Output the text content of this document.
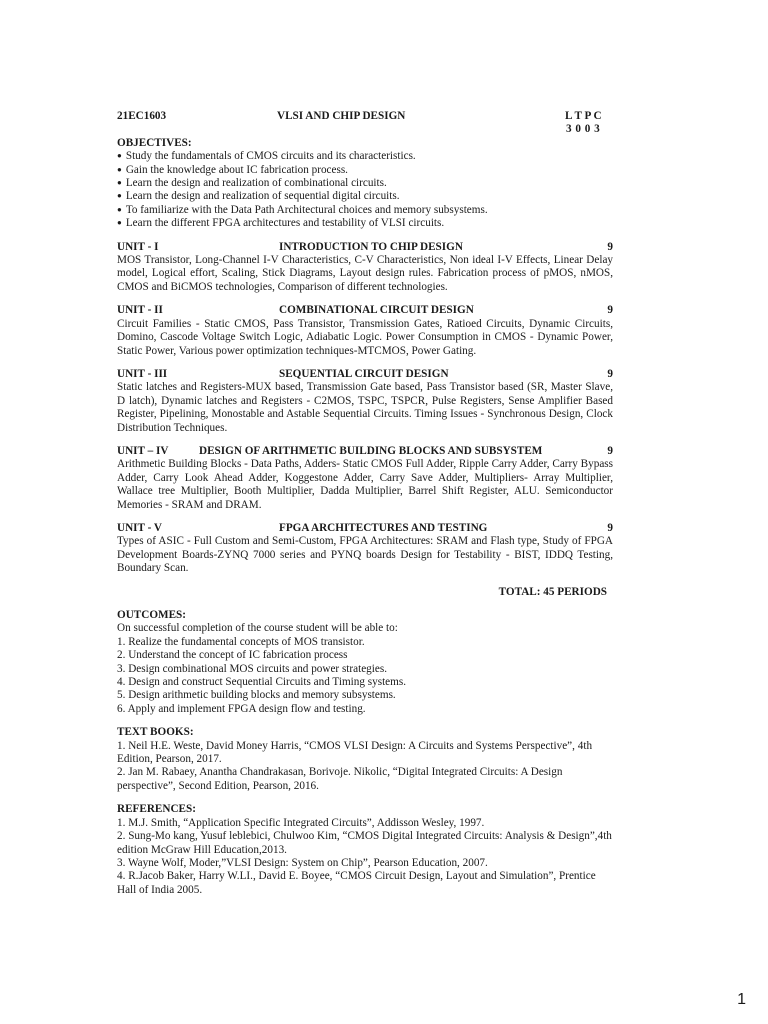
21EC1603	VLSI AND CHIP DESIGN	L T P C
3 0 0 3
OBJECTIVES:
● Study the fundamentals of CMOS circuits and its characteristics.
● Gain the knowledge about IC fabrication process.
● Learn the design and realization of combinational circuits.
● Learn the design and realization of sequential digital circuits.
● To familiarize with the Data Path Architectural choices and memory subsystems.
● Learn the different FPGA architectures and testability of VLSI circuits.
UNIT - I	INTRODUCTION TO CHIP DESIGN	9
MOS Transistor, Long-Channel I-V Characteristics, C-V Characteristics, Non ideal I-V Effects, Linear Delay model, Logical effort, Scaling, Stick Diagrams, Layout design rules. Fabrication process of pMOS, nMOS, CMOS and BiCMOS technologies, Comparison of different technologies.
UNIT - II	COMBINATIONAL CIRCUIT DESIGN	9
Circuit Families - Static CMOS, Pass Transistor, Transmission Gates, Ratioed Circuits, Dynamic Circuits, Domino, Cascode Voltage Switch Logic, Adiabatic Logic. Power Consumption in CMOS - Dynamic Power, Static Power, Various power optimization techniques-MTCMOS, Power Gating.
UNIT - III	SEQUENTIAL CIRCUIT DESIGN	9
Static latches and Registers-MUX based, Transmission Gate based, Pass Transistor based (SR, Master Slave, D latch), Dynamic latches and Registers - C2MOS, TSPC, TSPCR, Pulse Registers, Sense Amplifier Based Register, Pipelining, Monostable and Astable Sequential Circuits. Timing Issues - Synchronous Design, Clock Distribution Techniques.
UNIT – IV	DESIGN OF ARITHMETIC BUILDING BLOCKS AND SUBSYSTEM	9
Arithmetic Building Blocks - Data Paths, Adders- Static CMOS Full Adder, Ripple Carry Adder, Carry Bypass Adder, Carry Look Ahead Adder, Koggestone Adder, Carry Save Adder, Multipliers- Array Multiplier, Wallace tree Multiplier, Booth Multiplier, Dadda Multiplier, Barrel Shift Register, ALU. Semiconductor Memories - SRAM and DRAM.
UNIT - V	FPGA ARCHITECTURES AND TESTING	9
Types of ASIC - Full Custom and Semi-Custom, FPGA Architectures: SRAM and Flash type, Study of FPGA Development Boards-ZYNQ 7000 series and PYNQ boards Design for Testability - BIST, IDDQ Testing, Boundary Scan.
TOTAL: 45 PERIODS
OUTCOMES:

On successful completion of the course student will be able to:

1. Realize the fundamental concepts of MOS transistor.

2. Understand the concept of IC fabrication process

3. Design combinational MOS circuits and power strategies.

4. Design and construct Sequential Circuits and Timing systems.

5. Design arithmetic building blocks and memory subsystems.

6. Apply and implement FPGA design flow and testing.

TEXT BOOKS:

1. Neil H.E. Weste, David Money Harris, “CMOS VLSI Design: A Circuits and Systems Perspective”, 4th Edition, Pearson, 2017.

2. Jan M. Rabaey, Anantha Chandrakasan, Borivoje. Nikolic, “Digital Integrated Circuits: A Design perspective”, Second Edition, Pearson, 2016.

REFERENCES:

1. M.J. Smith, “Application Specific Integrated Circuits”, Addisson Wesley, 1997.

2. Sung-Mo kang, Yusuf leblebici, Chulwoo Kim, “CMOS Digital Integrated Circuits: Analysis & Design”,4th edition McGraw Hill Education,2013.

3. Wayne Wolf, Moder,”VLSI Design: System on Chip”, Pearson Education, 2007.

4. R.Jacob Baker, Harry W.LI., David E. Boyee, “CMOS Circuit Design, Layout and Simulation”, Prentice Hall of India 2005.

1
